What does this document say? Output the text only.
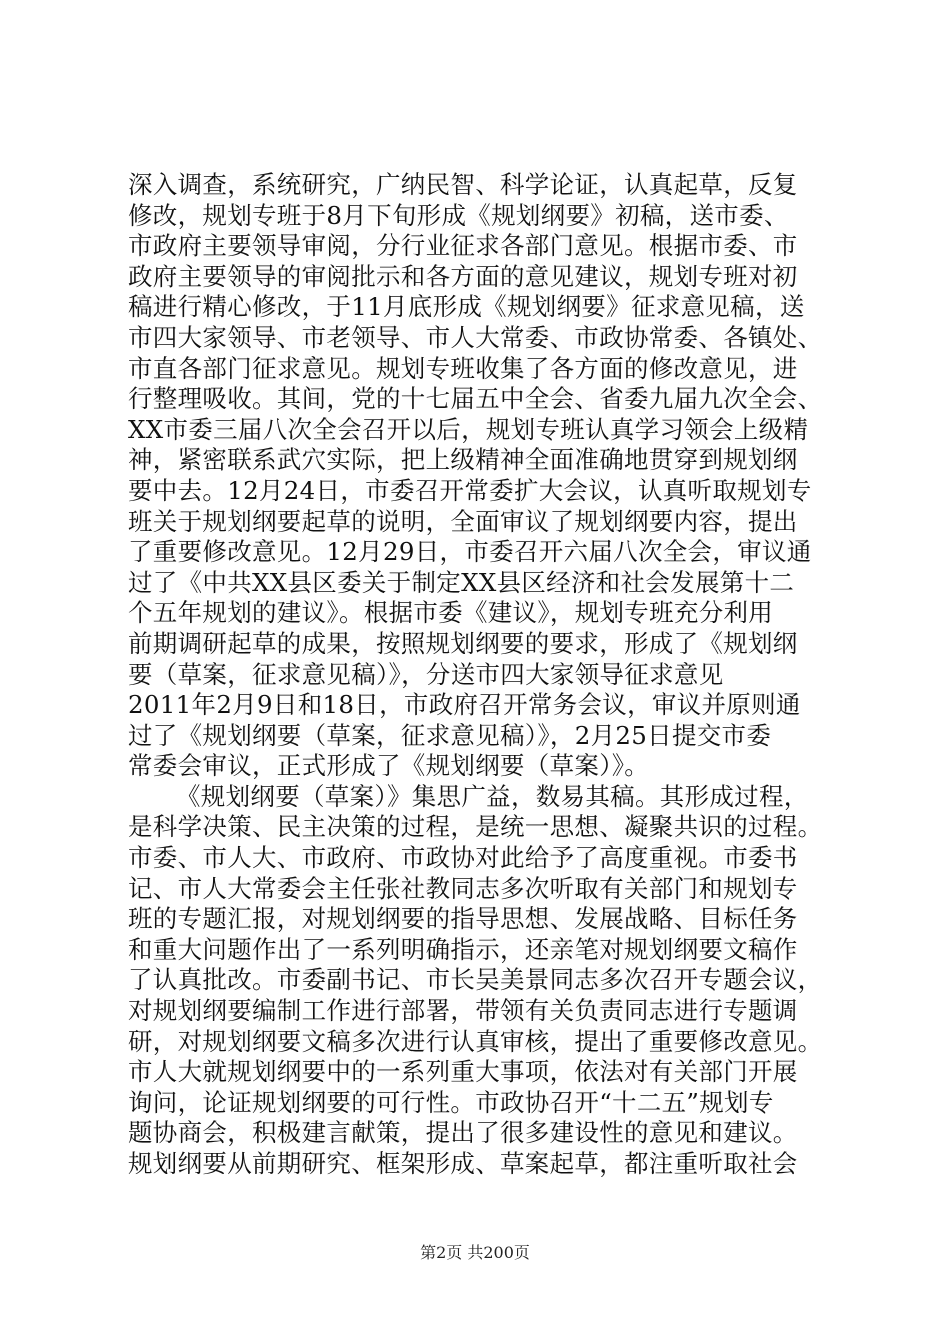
深入调查，系统研究，广纳民智、科学论证，认真起草，反复
修改，规划专班于8月下旬形成《规划纲要》初稿，送市委、
市政府主要领导审阅，分行业征求各部门意见。根据市委、市
政府主要领导的审阅批示和各方面的意见建议，规划专班对初
稿进行精心修改，于11月底形成《规划纲要》征求意见稿，送
市四大家领导、市老领导、市人大常委、市政协常委、各镇处、
市直各部门征求意见。规划专班收集了各方面的修改意见，进
行整理吸收。其间，党的十七届五中全会、省委九届九次全会、
XX市委三届八次全会召开以后，规划专班认真学习领会上级精
神，紧密联系武穴实际，把上级精神全面准确地贯穿到规划纲
要中去。12月24日，市委召开常委扩大会议，认真听取规划专
班关于规划纲要起草的说明，全面审议了规划纲要内容，提出
了重要修改意见。12月29日，市委召开六届八次全会，审议通
过了《中共XX县区委关于制定XX县区经济和社会发展第十二
个五年规划的建议》。根据市委《建议》，规划专班充分利用
前期调研起草的成果，按照规划纲要的要求，形成了《规划纲
要（草案，征求意见稿）》，分送市四大家领导征求意见
2011年2月9日和18日，市政府召开常务会议，审议并原则通
过了《规划纲要（草案，征求意见稿）》，2月25日提交市委
常委会审议，正式形成了《规划纲要（草案）》。
《规划纲要（草案）》集思广益，数易其稿。其形成过程，
是科学决策、民主决策的过程，是统一思想、凝聚共识的过程。
市委、市人大、市政府、市政协对此给予了高度重视。市委书
记、市人大常委会主任张社教同志多次听取有关部门和规划专
班的专题汇报，对规划纲要的指导思想、发展战略、目标任务
和重大问题作出了一系列明确指示，还亲笔对规划纲要文稿作
了认真批改。市委副书记、市长吴美景同志多次召开专题会议，
对规划纲要编制工作进行部署，带领有关负责同志进行专题调
研，对规划纲要文稿多次进行认真审核，提出了重要修改意见。
市人大就规划纲要中的一系列重大事项，依法对有关部门开展
询问，论证规划纲要的可行性。市政协召开“十二五”规划专
题协商会，积极建言献策，提出了很多建设性的意见和建议。
规划纲要从前期研究、框架形成、草案起草，都注重听取社会
第2页 共200页
